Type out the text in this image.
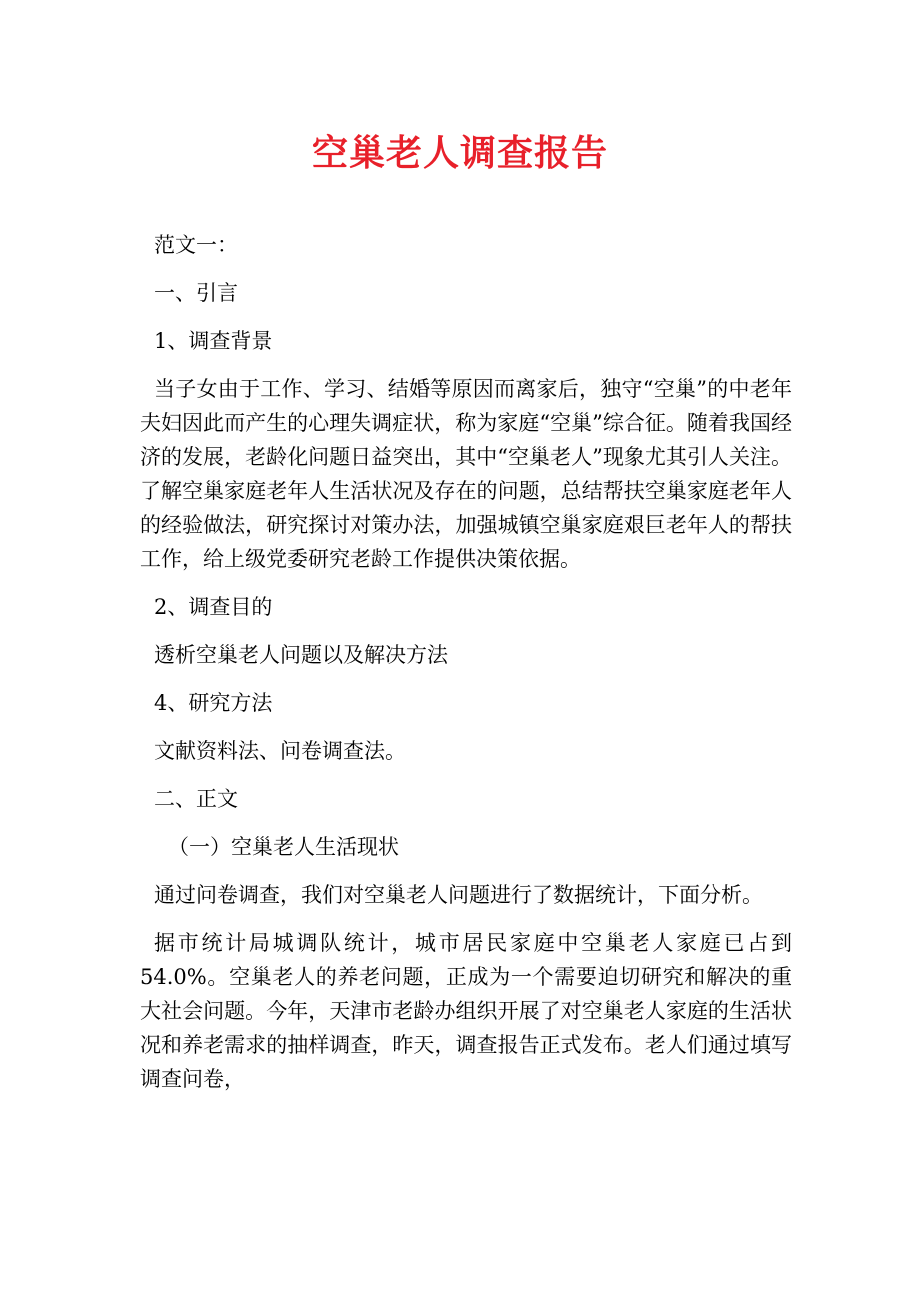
空巢老人调查报告

范文一：

一、引言

1、调查背景

当子女由于工作、学习、结婚等原因而离家后，独守“空巢”的中老年夫妇因此而产生的心理失调症状，称为家庭“空巢”综合征。随着我国经济的发展，老龄化问题日益突出，其中“空巢老人”现象尤其引人关注。了解空巢家庭老年人生活状况及存在的问题，总结帮扶空巢家庭老年人的经验做法，研究探讨对策办法，加强城镇空巢家庭艰巨老年人的帮扶工作，给上级党委研究老龄工作提供决策依据。

2、调查目的

透析空巢老人问题以及解决方法

4、研究方法

文献资料法、问卷调查法。

二、正文

（一）空巢老人生活现状

通过问卷调查，我们对空巢老人问题进行了数据统计，下面分析。

据市统计局城调队统计，城市居民家庭中空巢老人家庭已占到54.0%。空巢老人的养老问题，正成为一个需要迫切研究和解决的重大社会问题。今年，天津市老龄办组织开展了对空巢老人家庭的生活状况和养老需求的抽样调查，昨天，调查报告正式发布。老人们通过填写调查问卷，
